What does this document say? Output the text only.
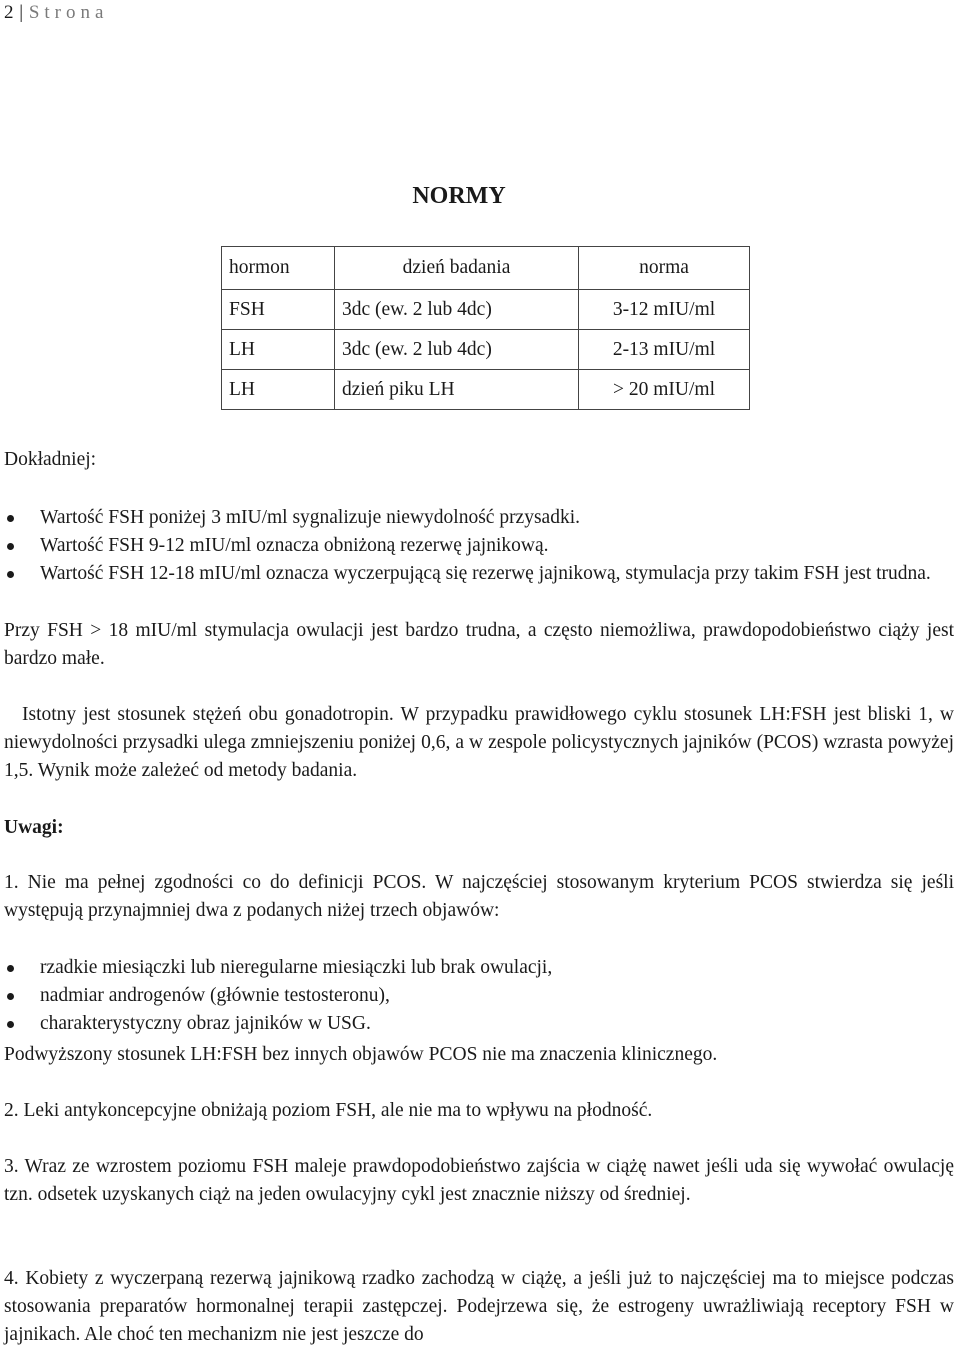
2 | Strona
NORMY
hormon	dzień badania	norma
FSH	3dc (ew. 2 lub 4dc)	3-12 mIU/ml
LH	3dc (ew. 2 lub 4dc)	2-13 mIU/ml
LH	dzień piku LH	> 20 mIU/ml
Dokładniej:
Wartość FSH poniżej 3 mIU/ml sygnalizuje niewydolność przysadki.
Wartość FSH 9-12 mIU/ml oznacza obniżoną rezerwę jajnikową.
Wartość FSH 12-18 mIU/ml oznacza wyczerpującą się rezerwę jajnikową, stymulacja przy takim FSH jest trudna.

Przy FSH > 18 mIU/ml stymulacja owulacji jest bardzo trudna, a często niemożliwa, prawdopodobieństwo ciąży jest bardzo małe.

Istotny jest stosunek stężeń obu gonadotropin. W przypadku prawidłowego cyklu stosunek LH:FSH jest bliski 1, w niewydolności przysadki ulega zmniejszeniu poniżej 0,6, a w zespole policystycznych jajników (PCOS) wzrasta powyżej 1,5. Wynik może zależeć od metody badania.

Uwagi:

1. Nie ma pełnej zgodności co do definicji PCOS. W najczęściej stosowanym kryterium PCOS stwierdza się jeśli występują przynajmniej dwa z podanych niżej trzech objawów:

rzadkie miesiączki lub nieregularne miesiączki lub brak owulacji,
nadmiar androgenów (głównie testosteronu),
charakterystyczny obraz jajników w USG.

Podwyższony stosunek LH:FSH bez innych objawów PCOS nie ma znaczenia klinicznego.

2. Leki antykoncepcyjne obniżają poziom FSH, ale nie ma to wpływu na płodność.

3. Wraz ze wzrostem poziomu FSH maleje prawdopodobieństwo zajścia w ciążę nawet jeśli uda się wywołać owulację tzn. odsetek uzyskanych ciąż na jeden owulacyjny cykl jest znacznie niższy od średniej.

4. Kobiety z wyczerpaną rezerwą jajnikową rzadko zachodzą w ciążę, a jeśli już to najczęściej ma to miejsce podczas stosowania preparatów hormonalnej terapii zastępczej. Podejrzewa się, że estrogeny uwrażliwiają receptory FSH w jajnikach. Ale choć ten mechanizm nie jest jeszcze do
